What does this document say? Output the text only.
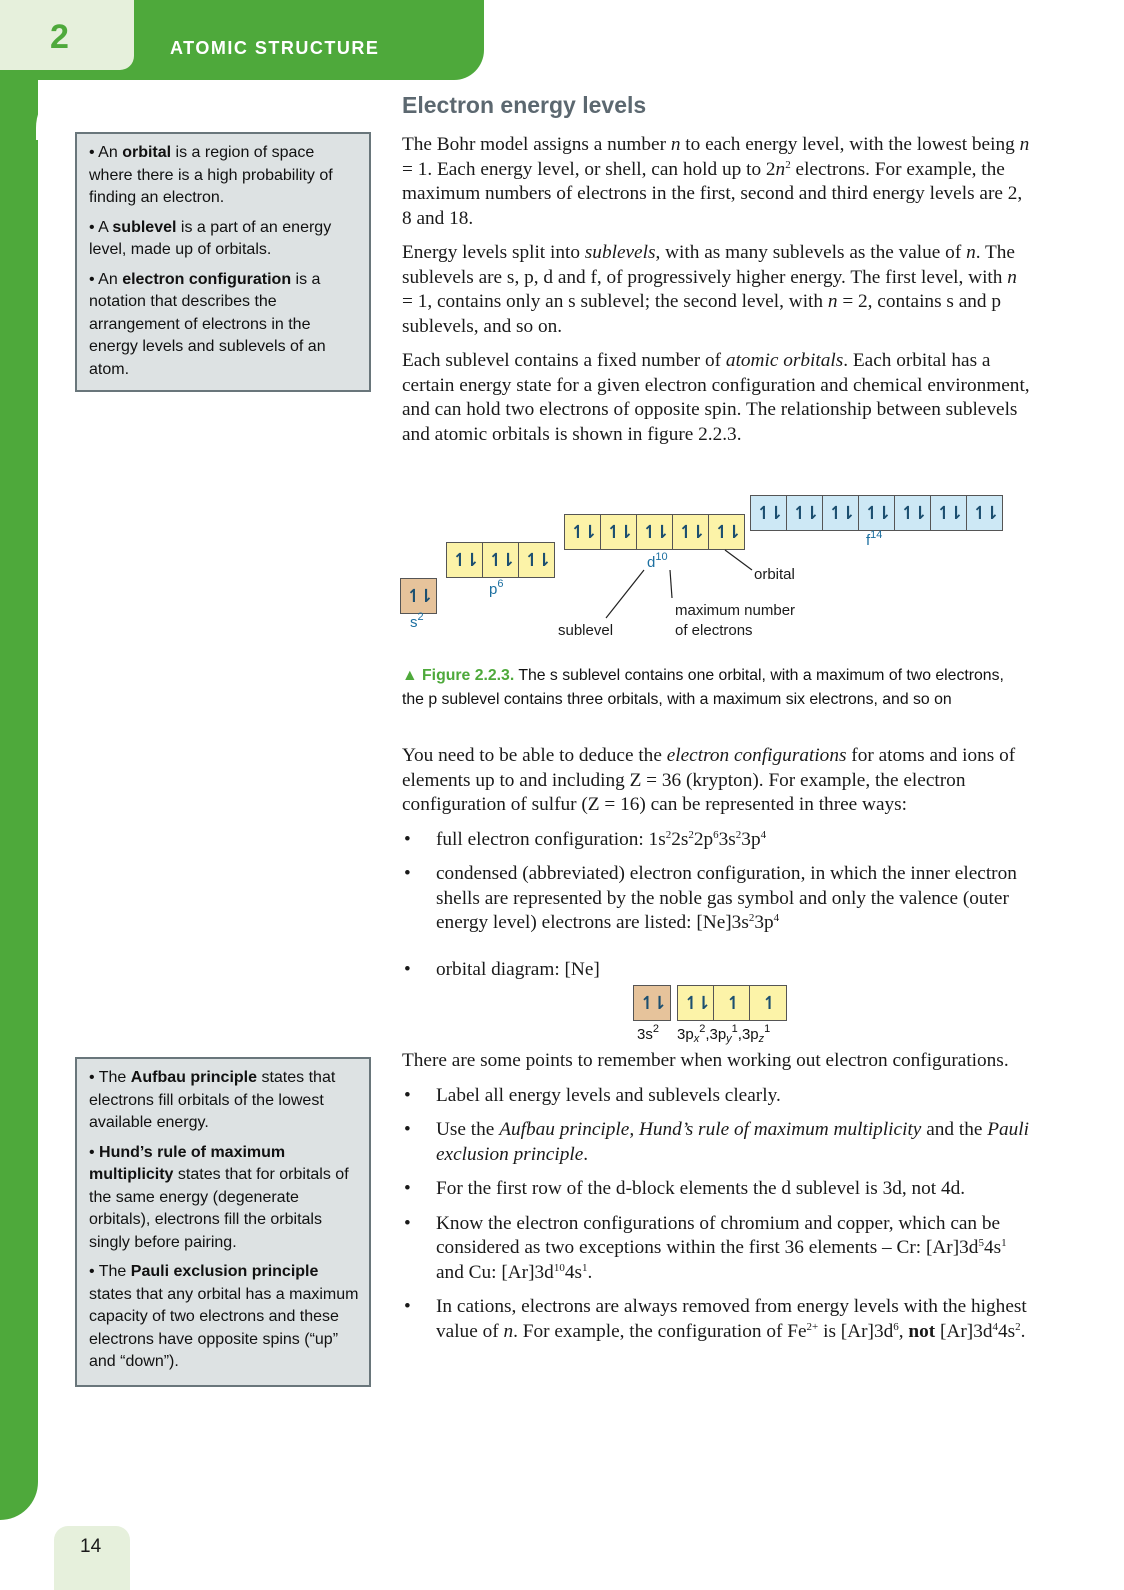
2	ATOMIC STRUCTURE
14

• An orbital is a region of space where there is a high probability of finding an electron.

• A sublevel is a part of an energy level, made up of orbitals.

• An electron configuration is a notation that describes the arrangement of electrons in the energy levels and sublevels of an atom.

• The Aufbau principle states that electrons fill orbitals of the lowest available energy.

• Hund’s rule of maximum multiplicity states that for orbitals of the same energy (degenerate orbitals), electrons fill the orbitals singly before pairing.

• The Pauli exclusion principle states that any orbital has a maximum capacity of two electrons and these electrons have opposite spins (“up” and “down”).

Electron energy levels

The Bohr model assigns a number n to each energy level, with the lowest being n = 1. Each energy level, or shell, can hold up to $2n^2$ electrons. For example, the maximum numbers of electrons in the first, second and third energy levels are 2, 8 and 18.

Energy levels split into sublevels, with as many sublevels as the value of n. The sublevels are s, p, d and f, of progressively higher energy. The first level, with n = 1, contains only an s sublevel; the second level, with n = 2, contains s and p sublevels, and so on.

Each sublevel contains a fixed number of atomic orbitals. Each orbital has a certain energy state for a given electron configuration and chemical environment, and can hold two electrons of opposite spin. The relationship between sublevels and atomic orbitals is shown in figure 2.2.3.

↿⇂
↿⇂ ↿⇂ ↿⇂
↿⇂ ↿⇂ ↿⇂ ↿⇂ ↿⇂
↿⇂ ↿⇂ ↿⇂ ↿⇂ ↿⇂ ↿⇂ ↿⇂
$s^2$
$p^6$
$d^{10}$
$f^{14}$
orbital
sublevel
maximum number
of electrons
▲ Figure 2.2.3. The s sublevel contains one orbital, with a maximum of two electrons, the p sublevel contains three orbitals, with a maximum six electrons, and so on

You need to be able to deduce the electron configurations for atoms and ions of elements up to and including Z = 36 (krypton). For example, the electron configuration of sulfur (Z = 16) can be represented in three ways:

• full electron configuration: $1s^22s^22p^63s^23p^4$
• condensed (abbreviated) electron configuration, in which the inner electron shells are represented by the noble gas symbol and only the valence (outer energy level) electrons are listed: $[Ne]3s^23p^4$
• orbital diagram: [Ne]
↿⇂ ↿⇂ ↿ ↿
$3s^2$ $3p_x^2,3p_y^1,3p_z^1$

There are some points to remember when working out electron configurations.

• Label all energy levels and sublevels clearly.
• Use the Aufbau principle, Hund’s rule of maximum multiplicity and the Pauli exclusion principle.
• For the first row of the d-block elements the d sublevel is 3d, not 4d.
• Know the electron configurations of chromium and copper, which can be considered as two exceptions within the first 36 elements – Cr: $[Ar]3d^54s^1$ and Cu: $[Ar]3d^{10}4s^1$.
• In cations, electrons are always removed from energy levels with the highest value of n. For example, the configuration of $Fe^{2+}$ is $[Ar]3d^6$, not $[Ar]3d^44s^2$.
